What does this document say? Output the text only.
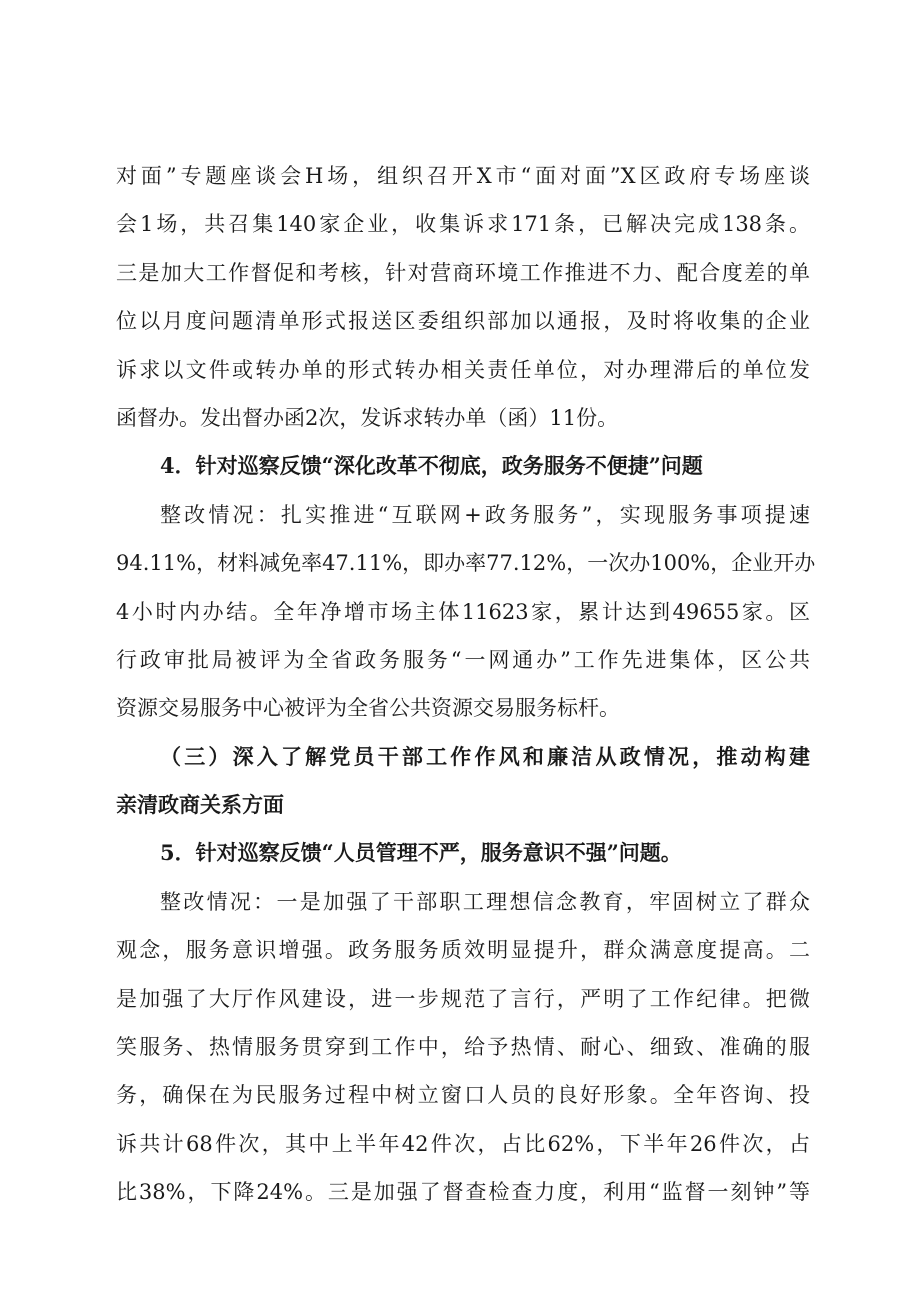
对面”专题座谈会H场，组织召开X市“面对面”X区政府专场座谈
会1场，共召集140家企业，收集诉求171条，已解决完成138条。
三是加大工作督促和考核，针对营商环境工作推进不力、配合度差的单
位以月度问题清单形式报送区委组织部加以通报，及时将收集的企业
诉求以文件或转办单的形式转办相关责任单位，对办理滞后的单位发
函督办。发出督办函2次，发诉求转办单（函）11份。
4．针对巡察反馈“深化改革不彻底，政务服务不便捷”问题
整改情况：扎实推进“互联网+政务服务”，实现服务事项提速
94.11%，材料减免率47.11%，即办率77.12%，一次办100%，企业开办
4小时内办结。全年净增市场主体11623家，累计达到49655家。区
行政审批局被评为全省政务服务“一网通办”工作先进集体，区公共
资源交易服务中心被评为全省公共资源交易服务标杆。
（三）深入了解党员干部工作作风和廉洁从政情况，推动构建
亲清政商关系方面
5．针对巡察反馈“人员管理不严，服务意识不强”问题。
整改情况：一是加强了干部职工理想信念教育，牢固树立了群众
观念，服务意识增强。政务服务质效明显提升，群众满意度提高。二
是加强了大厅作风建设，进一步规范了言行，严明了工作纪律。把微
笑服务、热情服务贯穿到工作中，给予热情、耐心、细致、准确的服
务，确保在为民服务过程中树立窗口人员的良好形象。全年咨询、投
诉共计68件次，其中上半年42件次，占比62%，下半年26件次，占
比38%，下降24%。三是加强了督查检查力度，利用“监督一刻钟”等
